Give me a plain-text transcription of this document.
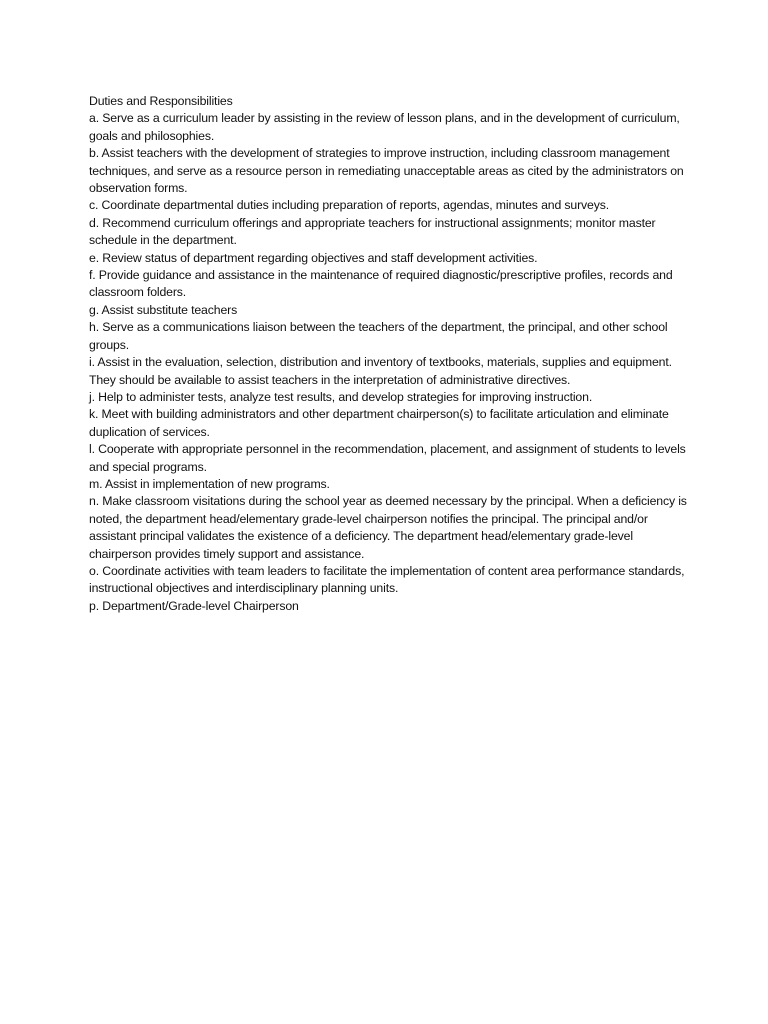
Duties and Responsibilities

a. Serve as a curriculum leader by assisting in the review of lesson plans, and in the development of curriculum, goals and philosophies.

b. Assist teachers with the development of strategies to improve instruction, including classroom management techniques, and serve as a resource person in remediating unacceptable areas as cited by the administrators on observation forms.

c. Coordinate departmental duties including preparation of reports, agendas, minutes and surveys.

d. Recommend curriculum offerings and appropriate teachers for instructional assignments; monitor master schedule in the department.

e. Review status of department regarding objectives and staff development activities.

f. Provide guidance and assistance in the maintenance of required diagnostic/prescriptive profiles, records and classroom folders.

g. Assist substitute teachers

h. Serve as a communications liaison between the teachers of the department, the principal, and other school groups.

i. Assist in the evaluation, selection, distribution and inventory of textbooks, materials, supplies and equipment. They should be available to assist teachers in the interpretation of administrative directives.

j. Help to administer tests, analyze test results, and develop strategies for improving instruction.

k. Meet with building administrators and other department chairperson(s) to facilitate articulation and eliminate duplication of services.

l. Cooperate with appropriate personnel in the recommendation, placement, and assignment of students to levels and special programs.

m. Assist in implementation of new programs.

n. Make classroom visitations during the school year as deemed necessary by the principal. When a deficiency is noted, the department head/elementary grade-level chairperson notifies the principal. The principal and/or assistant principal validates the existence of a deficiency. The department head/elementary grade-level chairperson provides timely support and assistance.

o. Coordinate activities with team leaders to facilitate the implementation of content area performance standards, instructional objectives and interdisciplinary planning units.

p. Department/Grade-level Chairperson
